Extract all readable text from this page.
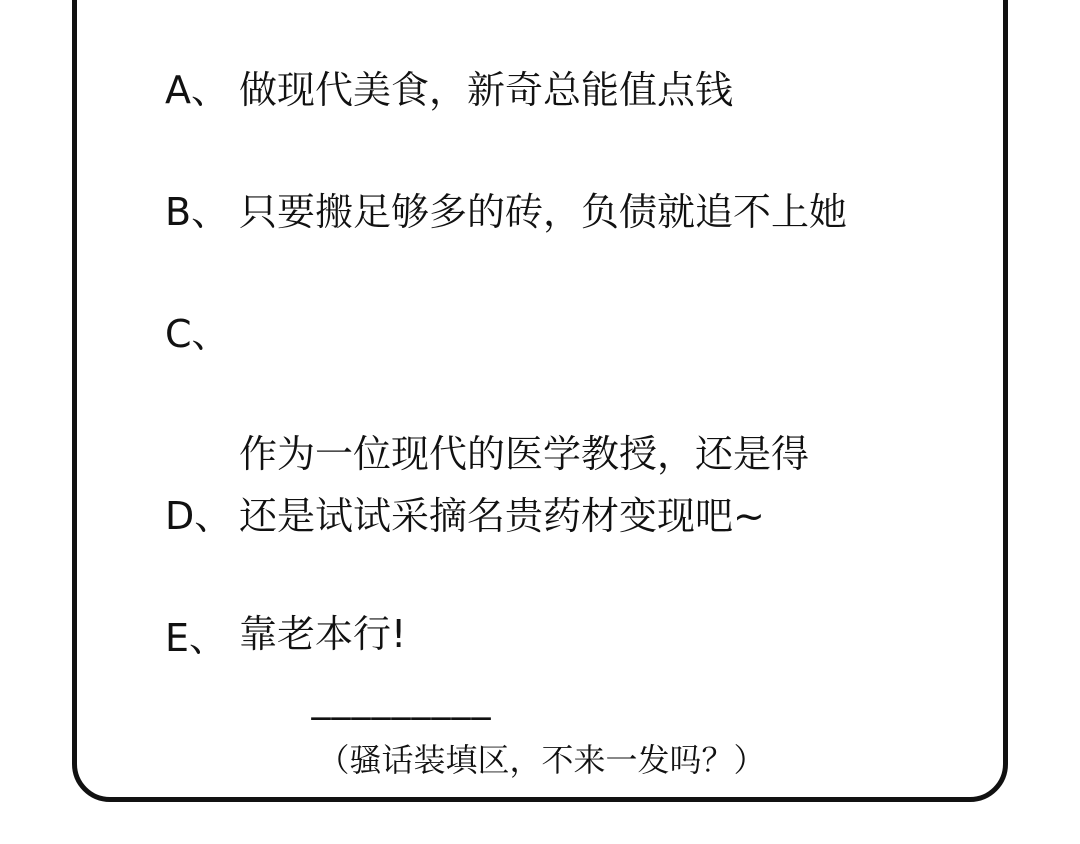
A、 做现代美食，新奇总能值点钱
B、 只要搬足够多的砖，负债就追不上她
C、

作为一位现代的医学教授，还是得

靠老本行!

D、 还是试试采摘名贵药材变现吧~
E、

_________
（骚话装填区，不来一发吗？）
